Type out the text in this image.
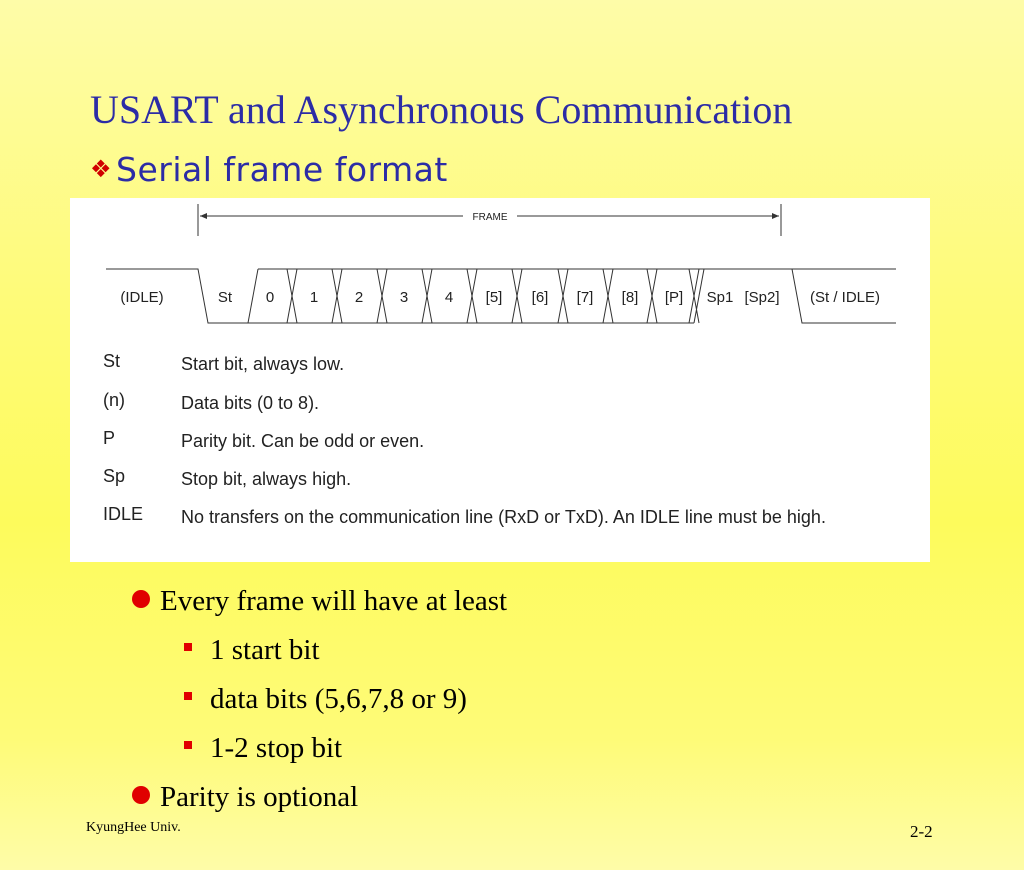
USART and Asynchronous Communication
❖ Serial frame format
FRAME
(IDLE)	St 0 1 2 3 4 [5] [6] [7] [8] [P] Sp1 [Sp2] (St / IDLE)
St	Start bit, always low.
(n)	Data bits (0 to 8).
P	Parity bit. Can be odd or even.
Sp	Stop bit, always high.
IDLE No transfers on the communication line (RxD or TxD). An IDLE line must be high.
Every frame will have at least
1 start bit
data bits (5,6,7,8 or 9)
1-2 stop bit
Parity is optional
KyungHee Univ.	2-2
